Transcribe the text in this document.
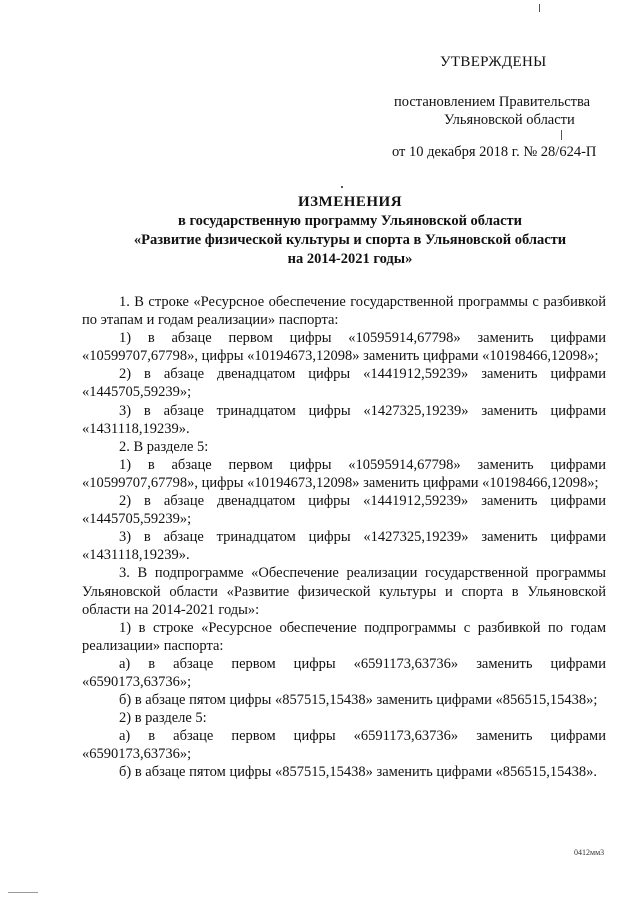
УТВЕРЖДЕНЫ
постановлением Правительства
Ульяновской области
от 10 декабря 2018 г. № 28/624-П
ИЗМЕНЕНИЯ
в государственную программу Ульяновской области
«Развитие физической культуры и спорта в Ульяновской области
на 2014-2021 годы»

1. В строке «Ресурсное обеспечение государственной программы с разбивкой по этапам и годам реализации» паспорта:

1) в абзаце первом цифры «10595914,67798» заменить цифрами «10599707,67798», цифры «10194673,12098» заменить цифрами «10198466,12098»;

2) в абзаце двенадцатом цифры «1441912,59239» заменить цифрами «1445705,59239»;

3) в абзаце тринадцатом цифры «1427325,19239» заменить цифрами «1431118,19239».

2. В разделе 5:

1) в абзаце первом цифры «10595914,67798» заменить цифрами «10599707,67798», цифры «10194673,12098» заменить цифрами «10198466,12098»;

2) в абзаце двенадцатом цифры «1441912,59239» заменить цифрами «1445705,59239»;

3) в абзаце тринадцатом цифры «1427325,19239» заменить цифрами «1431118,19239».

3. В подпрограмме «Обеспечение реализации государственной программы Ульяновской области «Развитие физической культуры и спорта в Ульяновской области на 2014-2021 годы»:

1) в строке «Ресурсное обеспечение подпрограммы с разбивкой по годам реализации» паспорта:

а) в абзаце первом цифры «6591173,63736» заменить цифрами «6590173,63736»;

б) в абзаце пятом цифры «857515,15438» заменить цифрами «856515,15438»;

2) в разделе 5:

а) в абзаце первом цифры «6591173,63736» заменить цифрами «6590173,63736»;

б) в абзаце пятом цифры «857515,15438» заменить цифрами «856515,15438».

0412мм3
